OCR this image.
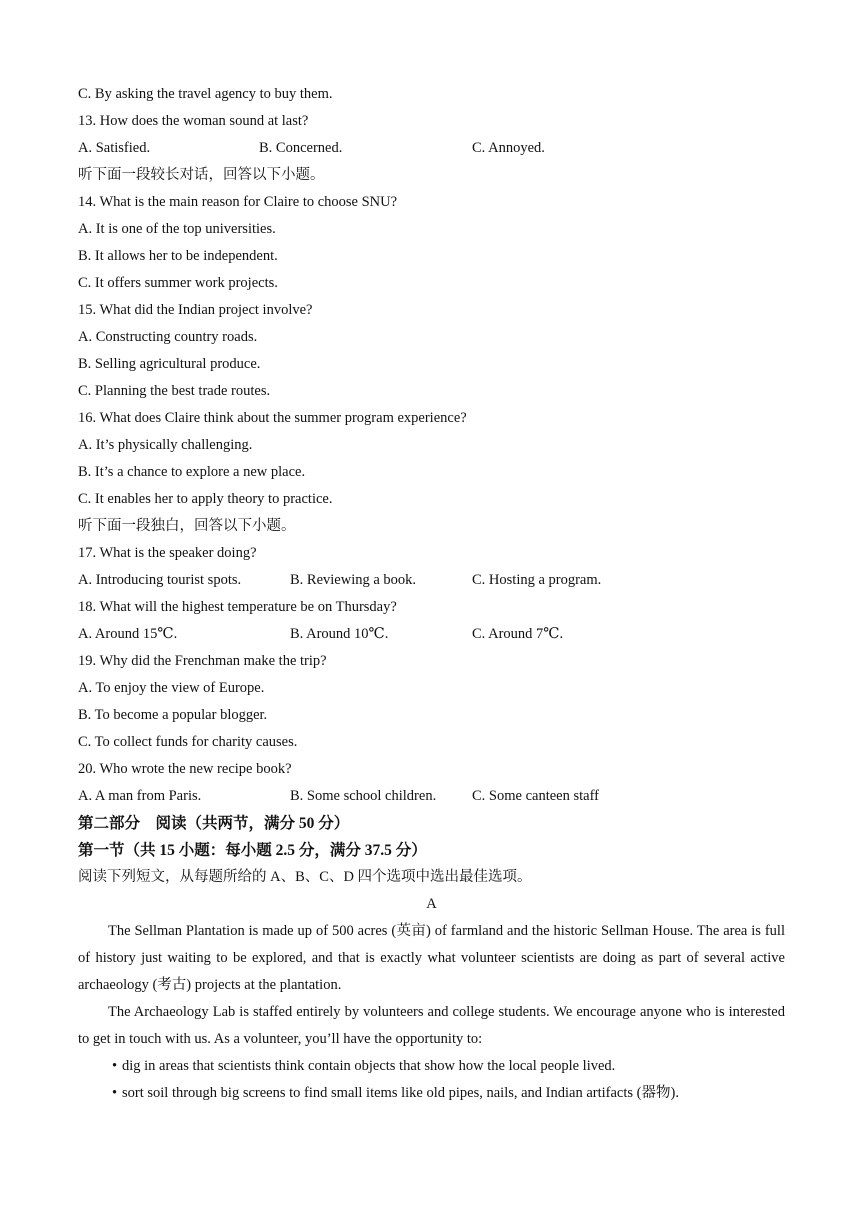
C. By asking the travel agency to buy them.
13. How does the woman sound at last?
A. Satisfied.	B. Concerned.	C. Annoyed.
听下面一段较长对话，回答以下小题。
14. What is the main reason for Claire to choose SNU?
A. It is one of the top universities.
B. It allows her to be independent.
C. It offers summer work projects.
15. What did the Indian project involve?
A. Constructing country roads.
B. Selling agricultural produce.
C. Planning the best trade routes.
16. What does Claire think about the summer program experience?
A. It’s physically challenging.
B. It’s a chance to explore a new place.
C. It enables her to apply theory to practice.
听下面一段独白，回答以下小题。
17. What is the speaker doing?
A. Introducing tourist spots.	B. Reviewing a book.	C. Hosting a program.
18. What will the highest temperature be on Thursday?
A. Around 15℃.	B. Around 10℃.	C. Around 7℃.
19. Why did the Frenchman make the trip?
A. To enjoy the view of Europe.
B. To become a popular blogger.
C. To collect funds for charity causes.
20. Who wrote the new recipe book?
A. A man from Paris.	B. Some school children.	C. Some canteen staff
第二部分　阅读（共两节，满分 50 分）
第一节（共 15 小题：每小题 2.5 分，满分 37.5 分）
阅读下列短文，从每题所给的 A、B、C、D 四个选项中选出最佳选项。
A
The Sellman Plantation is made up of 500 acres (英亩) of farmland and the historic Sellman House. The area is full of history just waiting to be explored, and that is exactly what volunteer scientists are doing as part of several active archaeology (考古) projects at the plantation.
The Archaeology Lab is staffed entirely by volunteers and college students. We encourage anyone who is interested to get in touch with us. As a volunteer, you’ll have the opportunity to:
• dig in areas that scientists think contain objects that show how the local people lived.
• sort soil through big screens to find small items like old pipes, nails, and Indian artifacts (器物).
